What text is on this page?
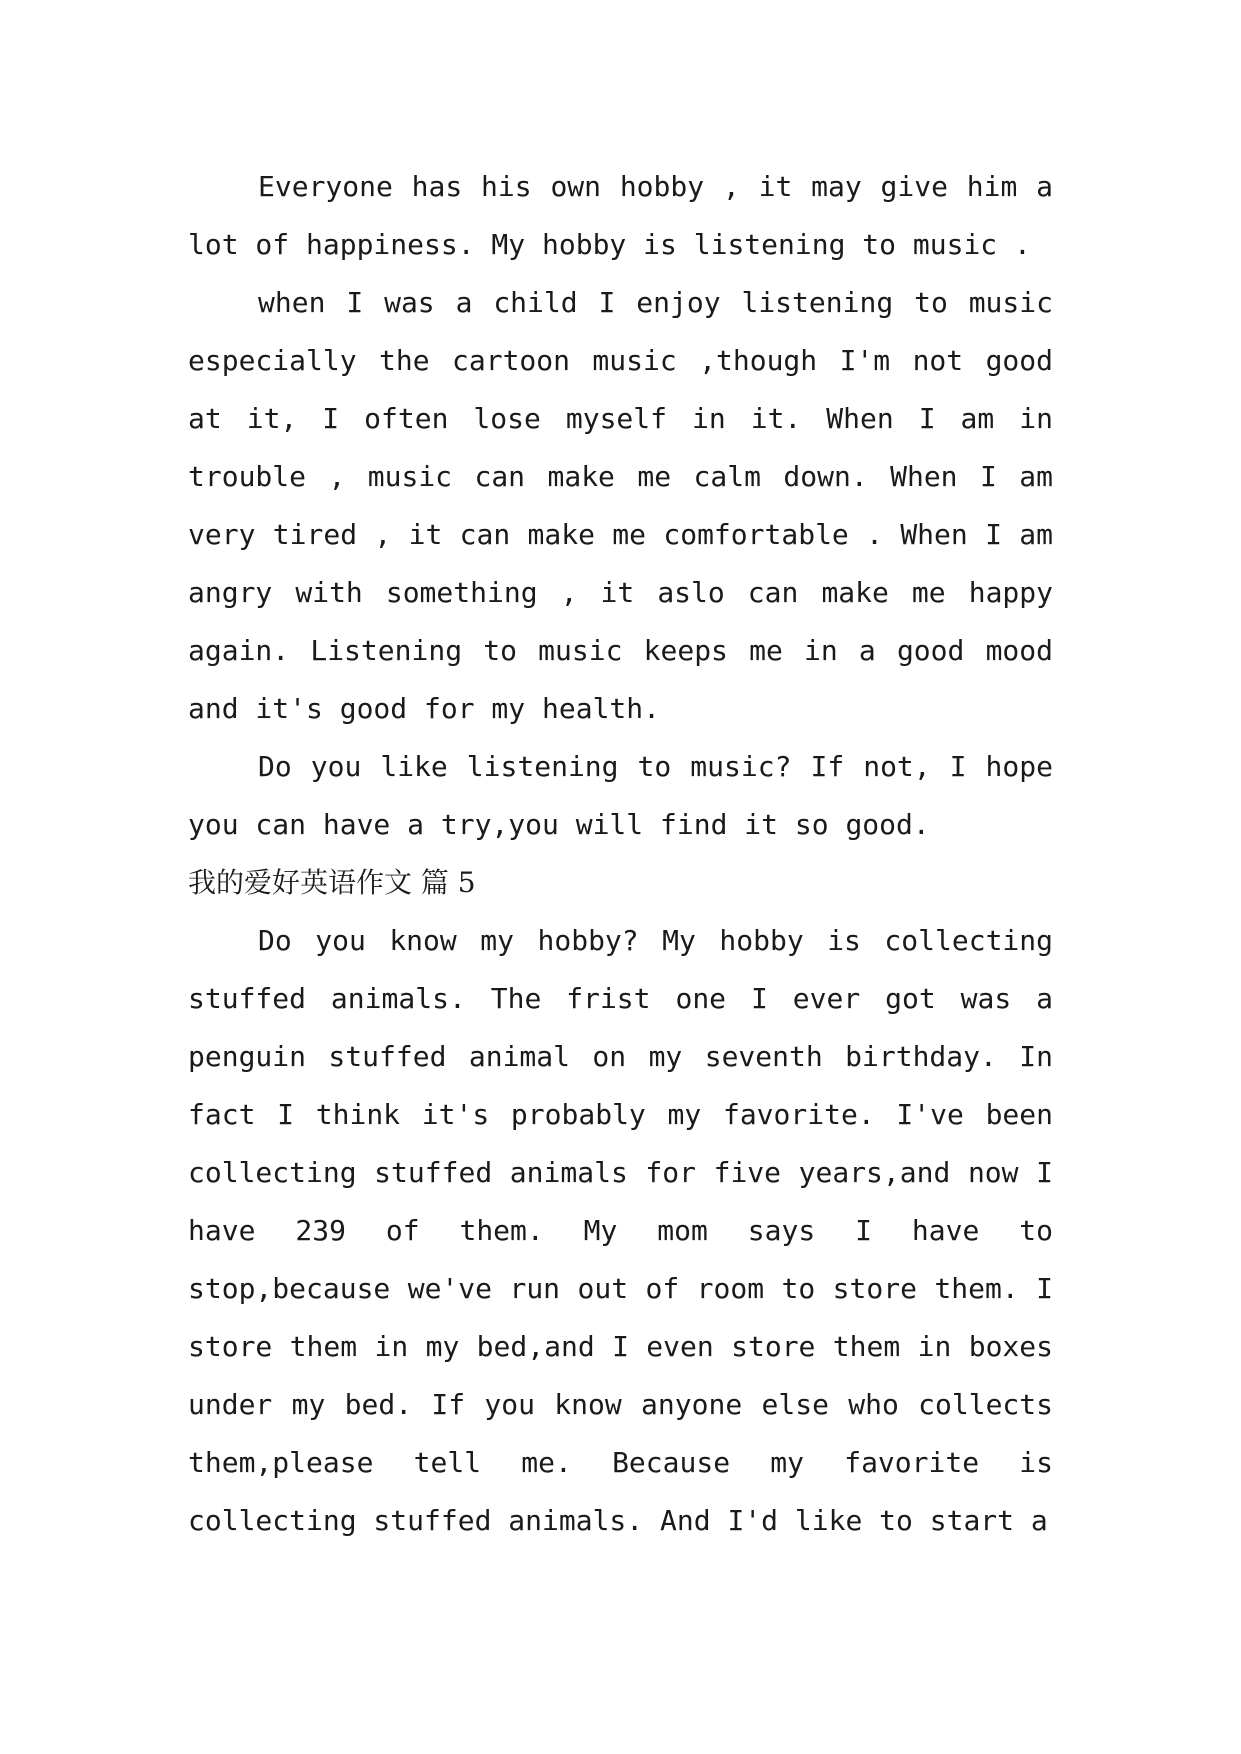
Everyone has his own hobby , it may give him a lot of happiness. My hobby is listening to music .

when I was a child I enjoy listening to music especially the cartoon music ,though I'm not good at it, I often lose myself in it. When I am in trouble , music can make me calm down. When I am very tired , it can make me comfortable . When I am angry with something , it aslo can make me happy again. Listening to music keeps me in a good mood and it's good for my health.

Do you like listening to music? If not, I hope you can have a try,you will find it so good.

我的爱好英语作文 篇 5

Do you know my hobby? My hobby is collecting stuffed animals. The frist one I ever got was a penguin stuffed animal on my seventh birthday. In fact I think it's probably my favorite. I've been collecting stuffed animals for five years,and now I have 239 of them. My mom says I have to stop,because we've run out of room to store them. I store them in my bed,and I even store them in boxes under my bed. If you know anyone else who collects them,please tell me. Because my favorite is collecting stuffed animals. And I'd like to start a
